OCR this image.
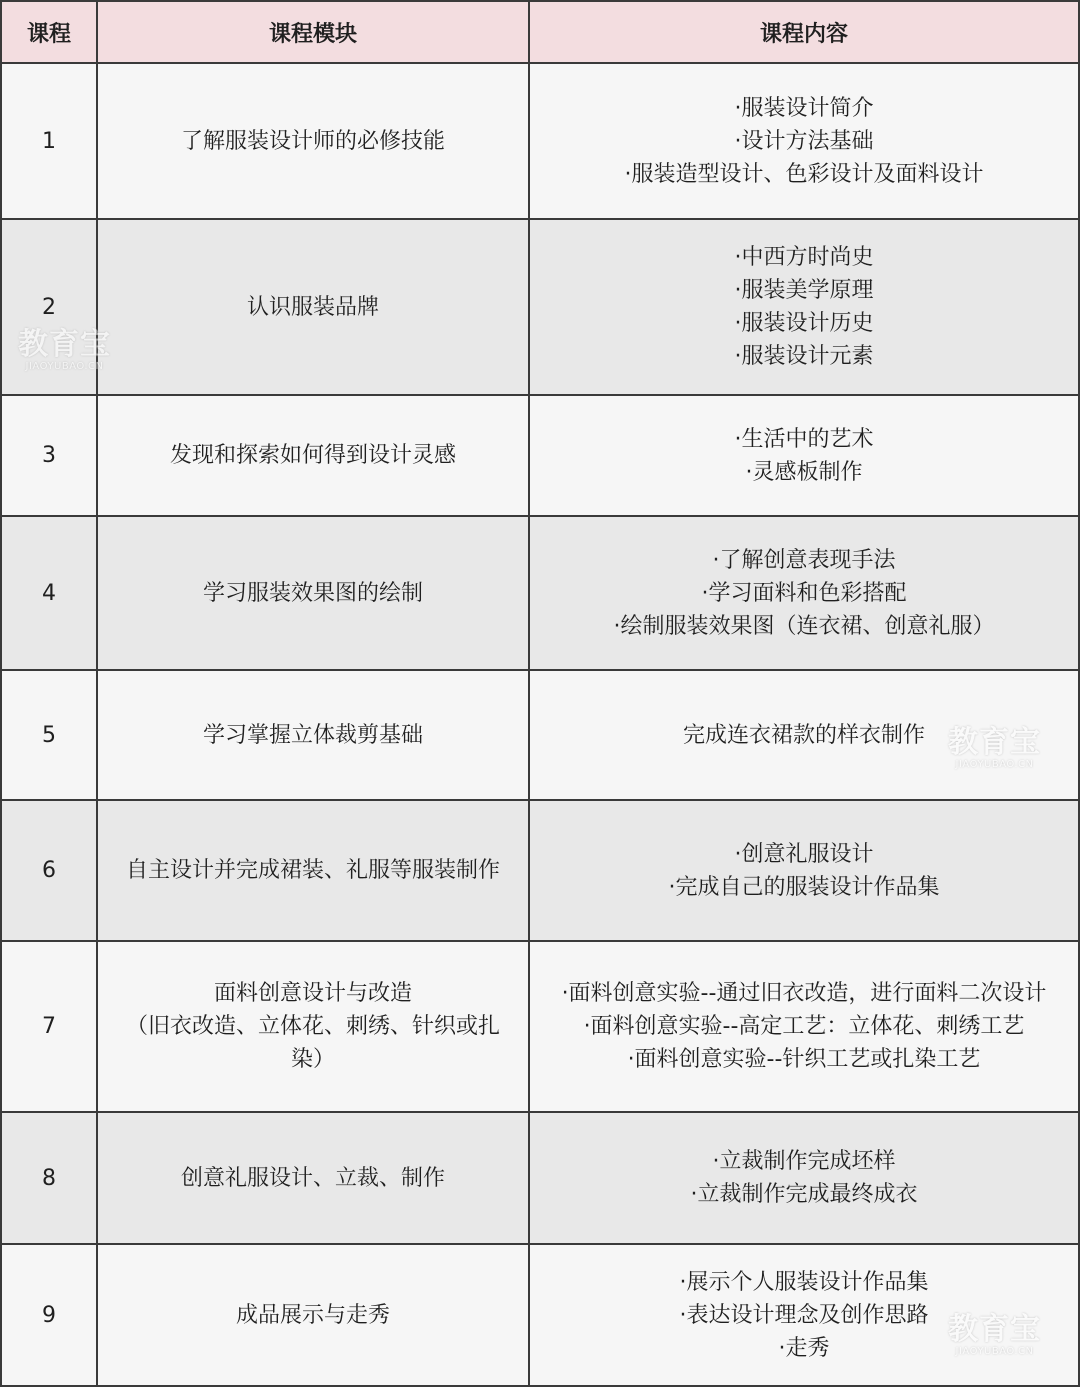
课程	课程模块	课程内容
1	了解服装设计师的必修技能	·服装设计简介
·设计方法基础
·服装造型设计、色彩设计及面料设计

2	认识服装品牌	·中西方时尚史
·服装美学原理
·服装设计历史
·服装设计元素

3	发现和探索如何得到设计灵感	·生活中的艺术
·灵感板制作

4	学习服装效果图的绘制	·了解创意表现手法
·学习面料和色彩搭配
·绘制服装效果图（连衣裙、创意礼服）

5	学习掌握立体裁剪基础	完成连衣裙款的样衣制作

6	自主设计并完成裙装、礼服等服装制作	·创意礼服设计
·完成自己的服装设计作品集

7	面料创意设计与改造
（旧衣改造、立体花、刺绣、针织或扎
染）	·面料创意实验--通过旧衣改造，进行面料二次设计
·面料创意实验--高定工艺：立体花、刺绣工艺
·面料创意实验--针织工艺或扎染工艺

8	创意礼服设计、立裁、制作	·立裁制作完成坯样
·立裁制作完成最终成衣

9	成品展示与走秀	·展示个人服装设计作品集
·表达设计理念及创作思路
·走秀
教育宝
JIAOYUBAO.CN
教育宝
JIAOYUBAO.CN
教育宝
JIAOYUBAO.CN
